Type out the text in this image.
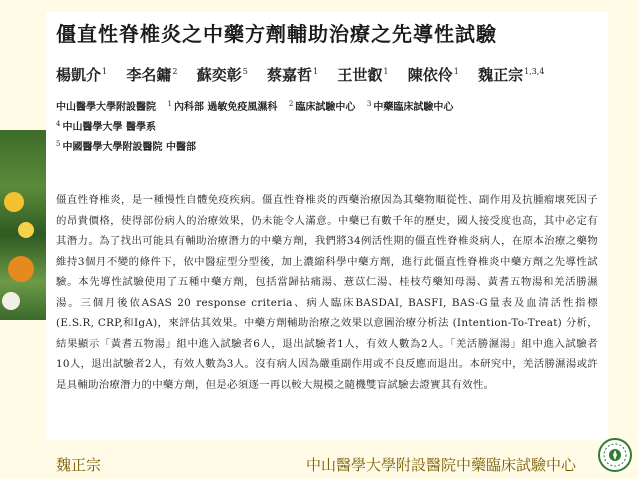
僵直性脊椎炎之中藥方劑輔助治療之先導性試驗
楊凱介$^1$ 李名鏞$^2$ 蘇奕彰$^5$ 蔡嘉哲$^1$ 王世叡$^1$ 陳依伶$^1$ 魏正宗$^{1,3,4}$
中山醫學大學附設醫院 $^1$ 內科部 過敏免疫風濕科 $^2$ 臨床試驗中心 $^3$ 中藥臨床試驗中心
$^4$ 中山醫學大學 醫學系
$^5$ 中國醫學大學附設醫院 中醫部
僵直性脊椎炎，是一種慢性自體免疫疾病。僵直性脊椎炎的西藥治療因為其藥物順從性、副作用及抗腫瘤壞死因子的昂貴價格，使得部份病人的治療效果，仍未能令人滿意。中藥已有數千年的歷史，國人接受度也高，其中必定有其潛力。為了找出可能具有輔助治療潛力的中藥方劑，我們將34例活性期的僵直性脊椎炎病人，在原本治療之藥物維持3個月不變的條件下，依中醫症型分型後，加上濃縮科學中藥方劑，進行此僵直性脊椎炎中藥方劑之先導性試驗。本先導性試驗使用了五種中藥方劑，包括當歸拈痛湯、薏苡仁湯、桂枝芍藥知母湯、黃耆五物湯和羌活勝濕湯。三個月後依ASAS 20 response criteria、病人臨床BASDAI, BASFI, BAS-G量表及血清活性指標 (E.S.R, CRP,和IgA)，來評估其效果。中藥方劑輔助治療之效果以意圖治療分析法 (Intention-To-Treat) 分析，結果顯示「黃耆五物湯」組中進入試驗者6人，退出試驗者1人，有效人數為2人。「羌活勝濕湯」組中進入試驗者10人，退出試驗者2人，有效人數為3人。沒有病人因為嚴重副作用或不良反應而退出。本研究中，羌活勝濕湯或許是具輔助治療潛力的中藥方劑，但是必須逐一再以較大規模之隨機雙盲試驗去證實其有效性。
魏正宗	中山醫學大學附設醫院中藥臨床試驗中心
